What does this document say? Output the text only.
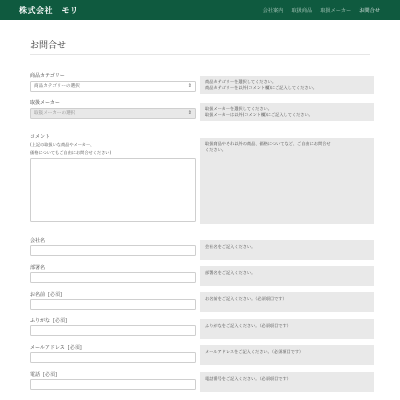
株式会社　モリ	会社案内 取扱商品 取扱メーカー お問合せ
お問合せ
商品カテゴリー
商品カテゴリーの選択	⇕
商品カテゴリーを選択してください。
商品カテゴリーを以外(コメント欄)にご記入してください。
取扱メーカー
取扱メーカーの選択	⇕
取扱メーカーを選択してください。
取扱メーカーは以外(コメント欄)にご記入してください。
コメント
(上記の取扱いな商品やメーカー、
価格についてもご自由にお問合せください)
取扱商品やそれ以外の商品、価格についてなど、ご自由にお問合せ
ください。
会社名
会社名をご記入ください。
部署名
部署名をご記入ください。
お名前 [必須]
お名前をご記入ください。（必須項目です）
ふりがな [必須]
ふりがなをご記入ください。（必須項目です）
メールアドレス [必須]
メールアドレスをご記入ください。（必須項目です）
電話 [必須]
電話番号をご記入ください。（必須項目です）
